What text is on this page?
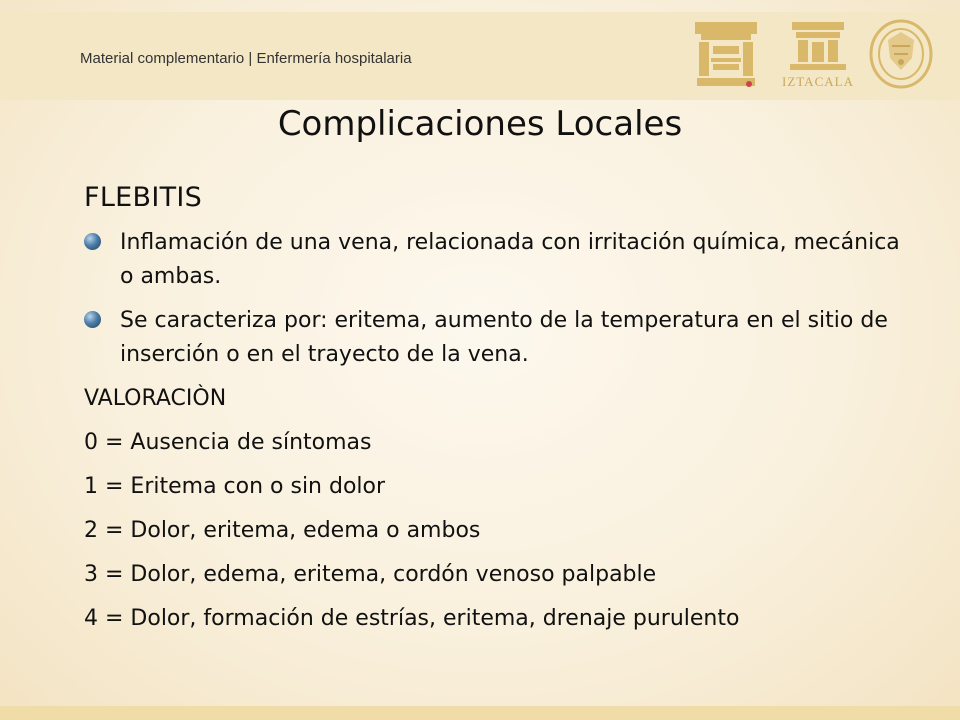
Material complementario | Enfermería hospitalaria
IZTACALA
Complicaciones Locales
FLEBITIS
Inflamación de una vena, relacionada con irritación química, mecánica o ambas.
Se caracteriza por: eritema, aumento de la temperatura en el sitio de inserción o en el trayecto de la vena.
VALORACIÒN
0 = Ausencia de síntomas
1 = Eritema con o sin dolor
2 = Dolor, eritema, edema o ambos
3 = Dolor, edema, eritema, cordón venoso palpable
4 = Dolor, formación de estrías, eritema, drenaje purulento
